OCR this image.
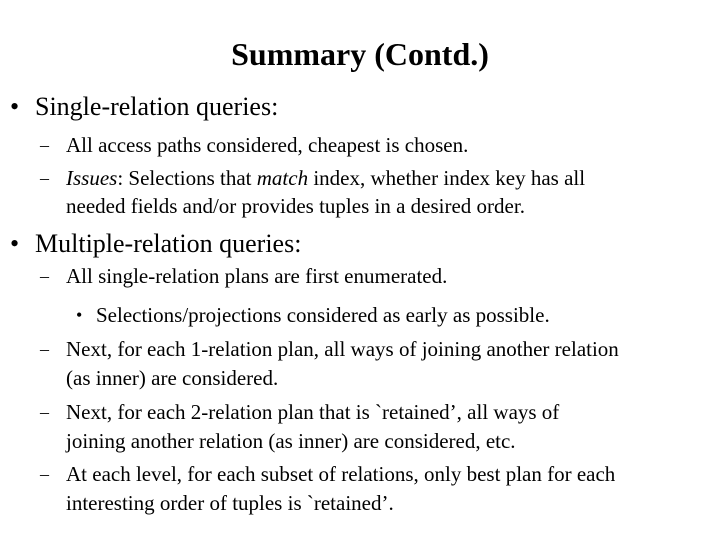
Summary (Contd.)
• Single-relation queries:
– All access paths considered, cheapest is chosen.
– Issues: Selections that match index, whether index key has all
needed fields and/or provides tuples in a desired order.
• Multiple-relation queries:
– All single-relation plans are first enumerated.
• Selections/projections considered as early as possible.
– Next, for each 1-relation plan, all ways of joining another relation
(as inner) are considered.
– Next, for each 2-relation plan that is `retained’, all ways of
joining another relation (as inner) are considered, etc.
– At each level, for each subset of relations, only best plan for each
interesting order of tuples is `retained’.
